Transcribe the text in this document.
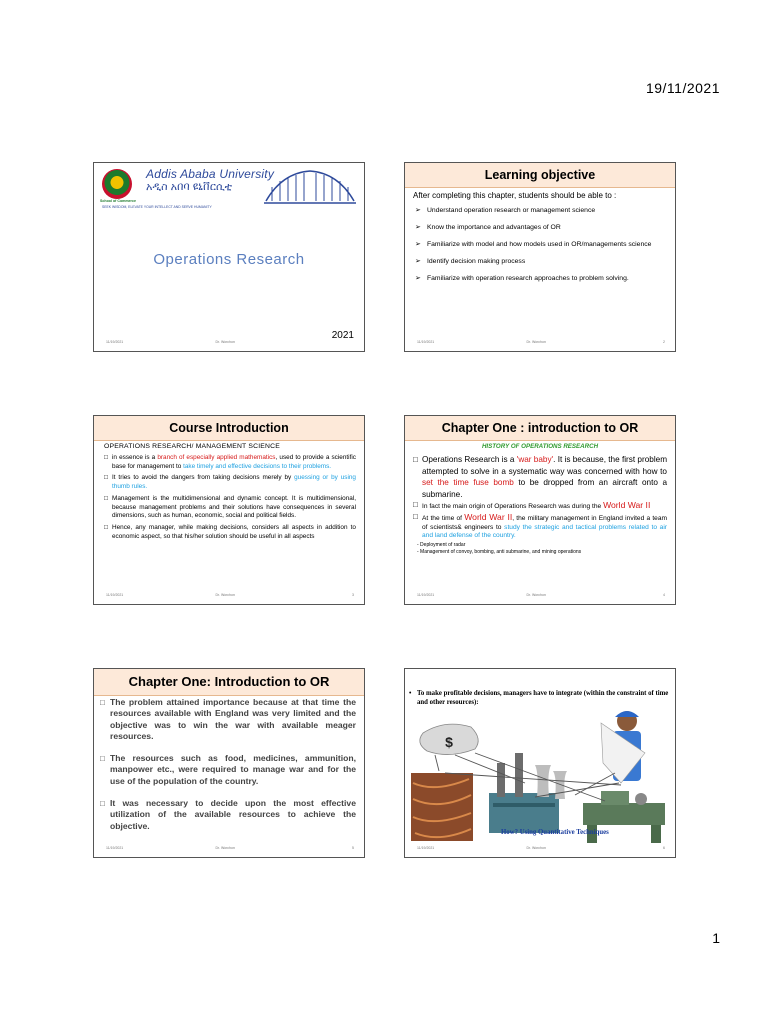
19/11/2021
Addis Ababa University
አዲስ አበባ ዩኒቨርሲቲ
School of Commerce
SEEK WISDOM, ELEVATE YOUR INTELLECT AND SERVE HUMANITY
Operations Research
2021
11/19/2021	Dr. Worchon
Learning objective
After completing this chapter, students should be able to :
➢ Understand operation research or management science
➢ Know the importance and advantages of OR
➢ Familiarize with model and how models used in OR/managements science
➢ Identify decision making process
➢ Familiarize with operation research approaches to problem solving.
11/19/2021	Dr. Worchon	2
Course Introduction
OPERATIONS RESEARCH/ MANAGEMENT SCIENCE
□ in essence is a branch of especially applied mathematics, used to provide a scientific base for management to take timely and effective decisions to their problems.
□ It tries to avoid the dangers from taking decisions merely by guessing or by using thumb rules.
□ Management is the multidimensional and dynamic concept. It is multidimensional, because management problems and their solutions have consequences in several dimensions, such as human, economic, social and political fields.
□ Hence, any manager, while making decisions, considers all aspects in addition to economic aspect, so that his/her solution should be useful in all aspects
11/19/2021	Dr. Worchon	3
Chapter One : introduction to OR
HISTORY OF OPERATIONS RESEARCH
□ Operations Research is a 'war baby'. It is because, the first problem attempted to solve in a systematic way was concerned with how to set the time fuse bomb to be dropped from an aircraft onto a submarine.
□ In fact the main origin of Operations Research was during the World War II
□ At the time of World War II, the military management in England invited a team of scientists& engineers to study the strategic and tactical problems related to air and land defense of the country.
- Deployment of radar
- Management of convoy, bombing, anti submarine, and mining operations
11/19/2021	Dr. Worchon	4
Chapter One: Introduction to OR
□ The problem attained importance because at that time the resources available with England was very limited and the objective was to win the war with available meager resources.
□ The resources such as food, medicines, ammunition, manpower etc., were required to manage war and for the use of the population of the country.
□ It was necessary to decide upon the most effective utilization of the available resources to achieve the objective.
11/19/2021	Dr. Worchon	5
• To make profitable decisions, managers have to integrate (within the constraint of time and other resources):
$
How? Using Quantitative Techniques
11/19/2021	Dr. Worchon	6
1
